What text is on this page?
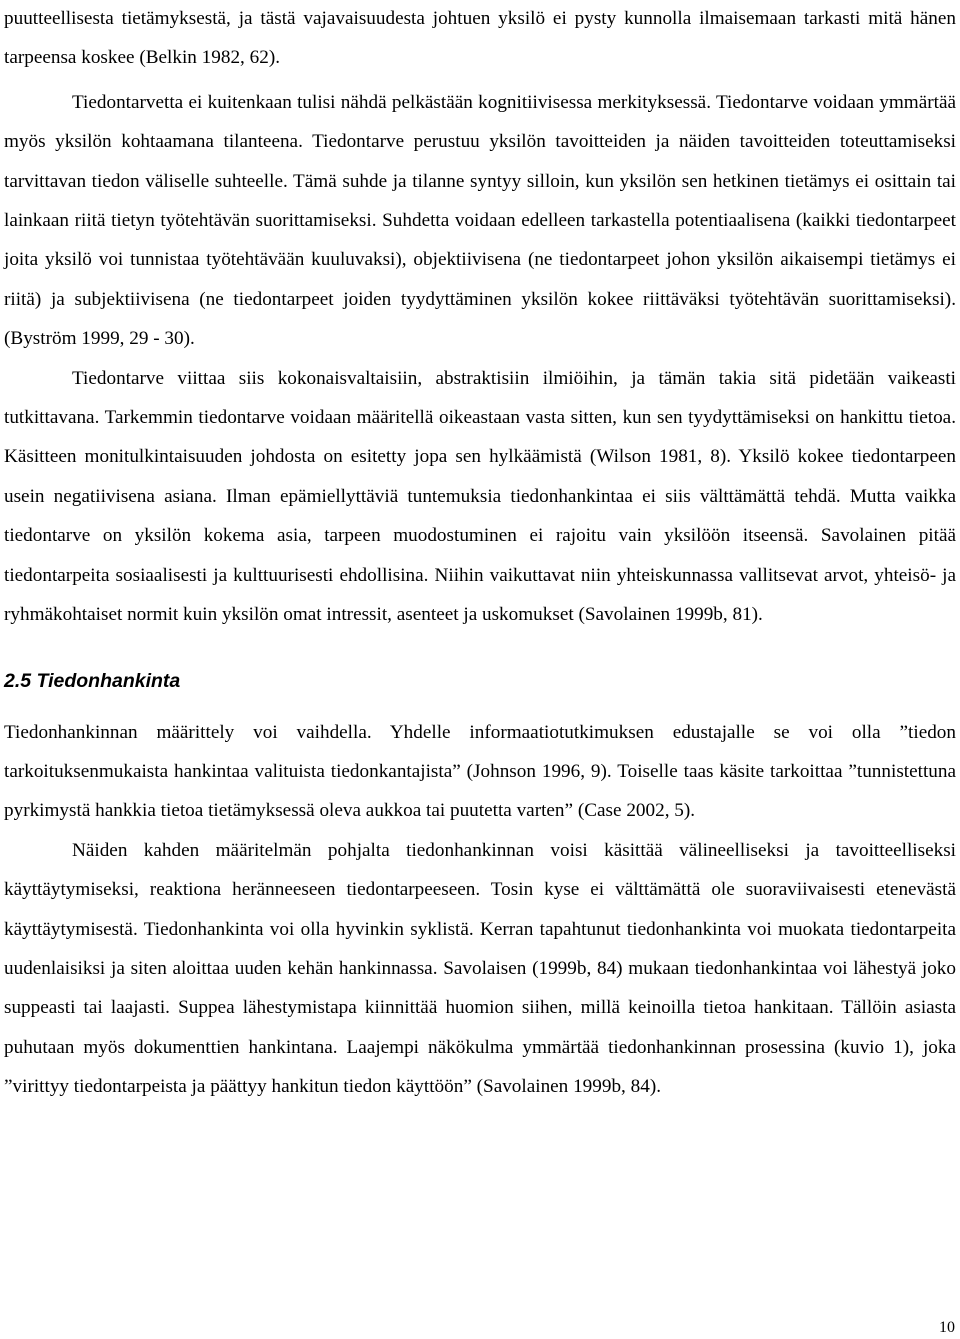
puutteellisesta tietämyksestä, ja tästä vajavaisuudesta johtuen yksilö ei pysty kunnolla ilmaisemaan tarkasti mitä hänen tarpeensa koskee (Belkin 1982, 62).

Tiedontarvetta ei kuitenkaan tulisi nähdä pelkästään kognitiivisessa merkityksessä. Tiedontarve voidaan ymmärtää myös yksilön kohtaamana tilanteena. Tiedontarve perustuu yksilön tavoitteiden ja näiden tavoitteiden toteuttamiseksi tarvittavan tiedon väliselle suhteelle. Tämä suhde ja tilanne syntyy silloin, kun yksilön sen hetkinen tietämys ei osittain tai lainkaan riitä tietyn työtehtävän suorittamiseksi. Suhdetta voidaan edelleen tarkastella potentiaalisena (kaikki tiedontarpeet joita yksilö voi tunnistaa työtehtävään kuuluvaksi), objektiivisena (ne tiedontarpeet johon yksilön aikaisempi tietämys ei riitä) ja subjektiivisena (ne tiedontarpeet joiden tyydyttäminen yksilön kokee riittäväksi työtehtävän suorittamiseksi). (Byström 1999, 29 - 30).

Tiedontarve viittaa siis kokonaisvaltaisiin, abstraktisiin ilmiöihin, ja tämän takia sitä pidetään vaikeasti tutkittavana. Tarkemmin tiedontarve voidaan määritellä oikeastaan vasta sitten, kun sen tyydyttämiseksi on hankittu tietoa. Käsitteen monitulkintaisuuden johdosta on esitetty jopa sen hylkäämistä (Wilson 1981, 8). Yksilö kokee tiedontarpeen usein negatiivisena asiana. Ilman epämiellyttäviä tuntemuksia tiedonhankintaa ei siis välttämättä tehdä. Mutta vaikka tiedontarve on yksilön kokema asia, tarpeen muodostuminen ei rajoitu vain yksilöön itseensä. Savolainen pitää tiedontarpeita sosiaalisesti ja kulttuurisesti ehdollisina. Niihin vaikuttavat niin yhteiskunnassa vallitsevat arvot, yhteisö- ja ryhmäkohtaiset normit kuin yksilön omat intressit, asenteet ja uskomukset (Savolainen 1999b, 81).

2.5 Tiedonhankinta

Tiedonhankinnan määrittely voi vaihdella. Yhdelle informaatiotutkimuksen edustajalle se voi olla ”tiedon tarkoituksenmukaista hankintaa valituista tiedonkantajista” (Johnson 1996, 9). Toiselle taas käsite tarkoittaa ”tunnistettuna pyrkimystä hankkia tietoa tietämyksessä oleva aukkoa tai puutetta varten” (Case 2002, 5).

Näiden kahden määritelmän pohjalta tiedonhankinnan voisi käsittää välineelliseksi ja tavoitteelliseksi käyttäytymiseksi, reaktiona heränneeseen tiedontarpeeseen. Tosin kyse ei välttämättä ole suoraviivaisesti etenevästä käyttäytymisestä. Tiedonhankinta voi olla hyvinkin syklistä. Kerran tapahtunut tiedonhankinta voi muokata tiedontarpeita uudenlaisiksi ja siten aloittaa uuden kehän hankinnassa. Savolaisen (1999b, 84) mukaan tiedonhankintaa voi lähestyä joko suppeasti tai laajasti. Suppea lähestymistapa kiinnittää huomion siihen, millä keinoilla tietoa hankitaan. Tällöin asiasta puhutaan myös dokumenttien hankintana. Laajempi näkökulma ymmärtää tiedonhankinnan prosessina (kuvio 1), joka ”virittyy tiedontarpeista ja päättyy hankitun tiedon käyttöön” (Savolainen 1999b, 84).

10
